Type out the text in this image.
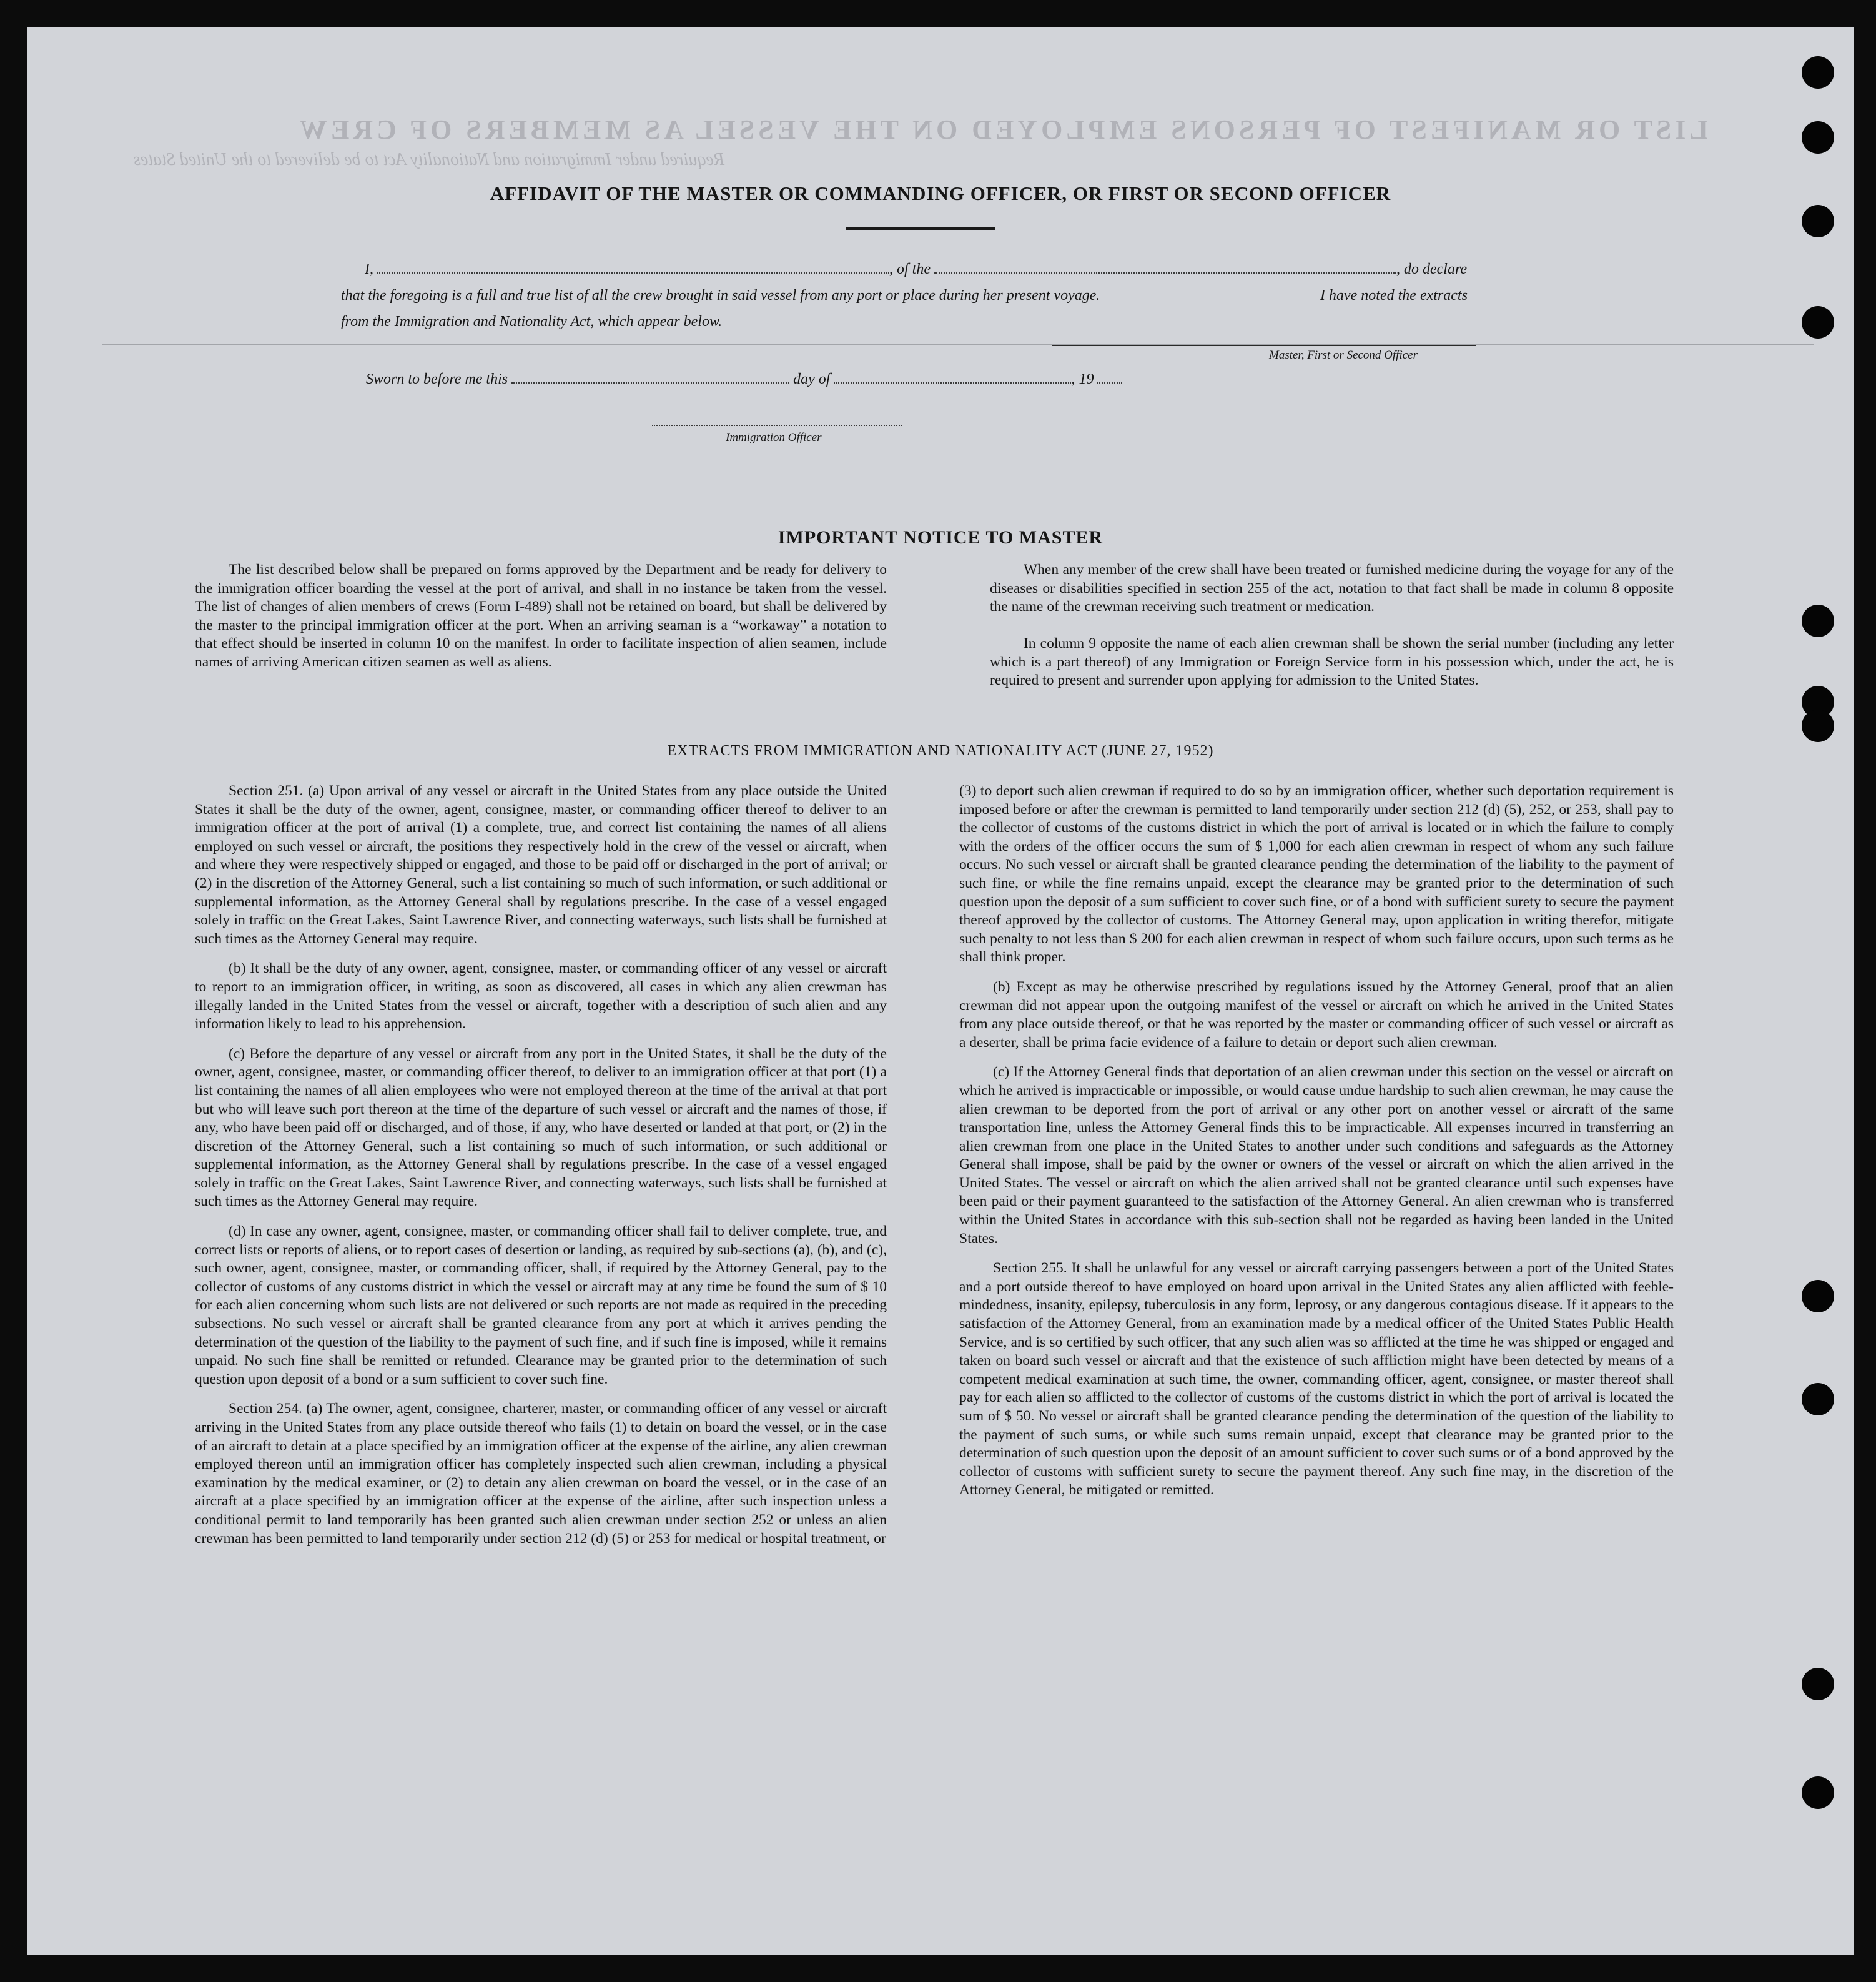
LIST OR MANIFEST OF PERSONS EMPLOYED ON THE VESSEL AS MEMBERS OF CREW
Required under Immigration and Nationality Act to be delivered to the United States
AFFIDAVIT OF THE MASTER OR COMMANDING OFFICER, OR FIRST OR SECOND OFFICER
I,	, of the	, do declare
that the foregoing is a full and true list of all the crew brought in said vessel from any port or place during her present voyage.	I have noted the extracts
from the Immigration and Nationality Act, which appear below.
Master, First or Second Officer
Sworn to before me this	day of	, 19
Immigration Officer
IMPORTANT NOTICE TO MASTER

The list described below shall be prepared on forms approved by the Department and be ready for delivery to the immigration officer boarding the vessel at the port of arrival, and shall in no instance be taken from the vessel. The list of changes of alien members of crews (Form I-489) shall not be retained on board, but shall be delivered by the master to the principal immigration officer at the port. When an arriving seaman is a “workaway” a notation to that effect should be inserted in column 10 on the manifest. In order to facilitate inspection of alien seamen, include names of arriving American citizen seamen as well as aliens.

When any member of the crew shall have been treated or furnished medicine during the voyage for any of the diseases or disabilities specified in section 255 of the act, notation to that fact shall be made in column 8 opposite the name of the crewman receiving such treatment or medication.

In column 9 opposite the name of each alien crewman shall be shown the serial number (including any letter which is a part thereof) of any Immigration or Foreign Service form in his possession which, under the act, he is required to present and surrender upon applying for admission to the United States.

EXTRACTS FROM IMMIGRATION AND NATIONALITY ACT (JUNE 27, 1952)

Section 251. (a) Upon arrival of any vessel or aircraft in the United States from any place outside the United States it shall be the duty of the owner, agent, consignee, master, or commanding officer thereof to deliver to an immigration officer at the port of arrival (1) a complete, true, and correct list containing the names of all aliens employed on such vessel or aircraft, the positions they respectively hold in the crew of the vessel or aircraft, when and where they were respectively shipped or engaged, and those to be paid off or discharged in the port of arrival; or (2) in the discretion of the Attorney General, such a list containing so much of such information, or such additional or supplemental information, as the Attorney General shall by regulations prescribe. In the case of a vessel engaged solely in traffic on the Great Lakes, Saint Lawrence River, and connecting waterways, such lists shall be furnished at such times as the Attorney General may require.

(b) It shall be the duty of any owner, agent, consignee, master, or commanding officer of any vessel or aircraft to report to an immigration officer, in writing, as soon as discovered, all cases in which any alien crewman has illegally landed in the United States from the vessel or aircraft, together with a description of such alien and any information likely to lead to his apprehension.

(c) Before the departure of any vessel or aircraft from any port in the United States, it shall be the duty of the owner, agent, consignee, master, or commanding officer thereof, to deliver to an immigration officer at that port (1) a list containing the names of all alien employees who were not employed thereon at the time of the arrival at that port but who will leave such port thereon at the time of the departure of such vessel or aircraft and the names of those, if any, who have been paid off or discharged, and of those, if any, who have deserted or landed at that port, or (2) in the discretion of the Attorney General, such a list containing so much of such information, or such additional or supplemental information, as the Attorney General shall by regulations prescribe. In the case of a vessel engaged solely in traffic on the Great Lakes, Saint Lawrence River, and connecting waterways, such lists shall be furnished at such times as the Attorney General may require.

(d) In case any owner, agent, consignee, master, or commanding officer shall fail to deliver complete, true, and correct lists or reports of aliens, or to report cases of desertion or landing, as required by sub-sections (a), (b), and (c), such owner, agent, consignee, master, or commanding officer, shall, if required by the Attorney General, pay to the collector of customs of any customs district in which the vessel or aircraft may at any time be found the sum of $ 10 for each alien concerning whom such lists are not delivered or such reports are not made as required in the preceding subsections. No such vessel or aircraft shall be granted clearance from any port at which it arrives pending the determination of the question of the liability to the payment of such fine, and if such fine is imposed, while it remains unpaid. No such fine shall be remitted or refunded. Clearance may be granted prior to the determination of such question upon deposit of a bond or a sum sufficient to cover such fine.

Section 254. (a) The owner, agent, consignee, charterer, master, or commanding officer of any vessel or aircraft arriving in the United States from any place outside thereof who fails (1) to detain on board the vessel, or in the case of an aircraft to detain at a place specified by an immigration officer at the expense of the airline, any alien crewman employed thereon until an immigration officer has completely inspected such alien crewman, including a physical examination by the medical examiner, or (2) to detain any alien crewman on board the vessel, or in the case of an aircraft at a place specified by an immigration officer at the expense of the airline, after such inspection unless a conditional permit to land temporarily has been granted such alien crewman under section 252 or unless an alien crewman has been permitted to land temporarily under section 212 (d) (5) or 253 for medical or hospital treatment, or

(3) to deport such alien crewman if required to do so by an immigration officer, whether such deportation requirement is imposed before or after the crewman is permitted to land temporarily under section 212 (d) (5), 252, or 253, shall pay to the collector of customs of the customs district in which the port of arrival is located or in which the failure to comply with the orders of the officer occurs the sum of $ 1,000 for each alien crewman in respect of whom any such failure occurs. No such vessel or aircraft shall be granted clearance pending the determination of the liability to the payment of such fine, or while the fine remains unpaid, except the clearance may be granted prior to the determination of such question upon the deposit of a sum sufficient to cover such fine, or of a bond with sufficient surety to secure the payment thereof approved by the collector of customs. The Attorney General may, upon application in writing therefor, mitigate such penalty to not less than $ 200 for each alien crewman in respect of whom such failure occurs, upon such terms as he shall think proper.

(b) Except as may be otherwise prescribed by regulations issued by the Attorney General, proof that an alien crewman did not appear upon the outgoing manifest of the vessel or aircraft on which he arrived in the United States from any place outside thereof, or that he was reported by the master or commanding officer of such vessel or aircraft as a deserter, shall be prima facie evidence of a failure to detain or deport such alien crewman.

(c) If the Attorney General finds that deportation of an alien crewman under this section on the vessel or aircraft on which he arrived is impracticable or impossible, or would cause undue hardship to such alien crewman, he may cause the alien crewman to be deported from the port of arrival or any other port on another vessel or aircraft of the same transportation line, unless the Attorney General finds this to be impracticable. All expenses incurred in transferring an alien crewman from one place in the United States to another under such conditions and safeguards as the Attorney General shall impose, shall be paid by the owner or owners of the vessel or aircraft on which the alien arrived in the United States. The vessel or aircraft on which the alien arrived shall not be granted clearance until such expenses have been paid or their payment guaranteed to the satisfaction of the Attorney General. An alien crewman who is transferred within the United States in accordance with this sub-section shall not be regarded as having been landed in the United States.

Section 255. It shall be unlawful for any vessel or aircraft carrying passengers between a port of the United States and a port outside thereof to have employed on board upon arrival in the United States any alien afflicted with feeble-mindedness, insanity, epilepsy, tuberculosis in any form, leprosy, or any dangerous contagious disease. If it appears to the satisfaction of the Attorney General, from an examination made by a medical officer of the United States Public Health Service, and is so certified by such officer, that any such alien was so afflicted at the time he was shipped or engaged and taken on board such vessel or aircraft and that the existence of such affliction might have been detected by means of a competent medical examination at such time, the owner, commanding officer, agent, consignee, or master thereof shall pay for each alien so afflicted to the collector of customs of the customs district in which the port of arrival is located the sum of $ 50. No vessel or aircraft shall be granted clearance pending the determination of the question of the liability to the payment of such sums, or while such sums remain unpaid, except that clearance may be granted prior to the determination of such question upon the deposit of an amount sufficient to cover such sums or of a bond approved by the collector of customs with sufficient surety to secure the payment thereof. Any such fine may, in the discretion of the Attorney General, be mitigated or remitted.
